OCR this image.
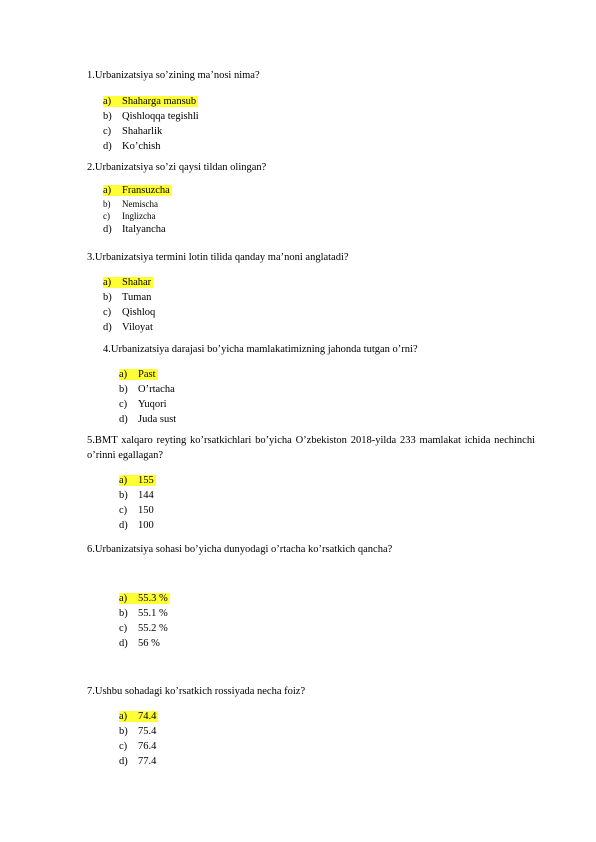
1.Urbanizatsiya so’zining ma’nosi nima?
a) Shaharga mansub
b) Qishloqqa tegishli
c) Shaharlik
d) Ko’chish
2.Urbanizatsiya so’zi qaysi tildan olingan?
a) Fransuzcha
b) Nemischa
c) Inglizcha
d) Italyancha
3.Urbanizatsiya termini lotin tilida qanday ma’noni anglatadi?
a) Shahar
b) Tuman
c) Qishloq
d) Viloyat
4.Urbanizatsiya darajasi bo’yicha mamlakatimizning jahonda tutgan o’rni?
a) Past
b) O’rtacha
c) Yuqori
d) Juda sust
5.BMT xalqaro reyting ko’rsatkichlari bo’yicha O’zbekiston 2018-yilda 233 mamlakat ichida nechinchi o’rinni egallagan?
a) 155
b) 144
c) 150
d) 100
6.Urbanizatsiya sohasi bo’yicha dunyodagi o’rtacha ko’rsatkich qancha?
a) 55.3 %
b) 55.1 %
c) 55.2 %
d) 56 %
7.Ushbu sohadagi ko’rsatkich rossiyada necha foiz?
a) 74.4
b) 75.4
c) 76.4
d) 77.4
